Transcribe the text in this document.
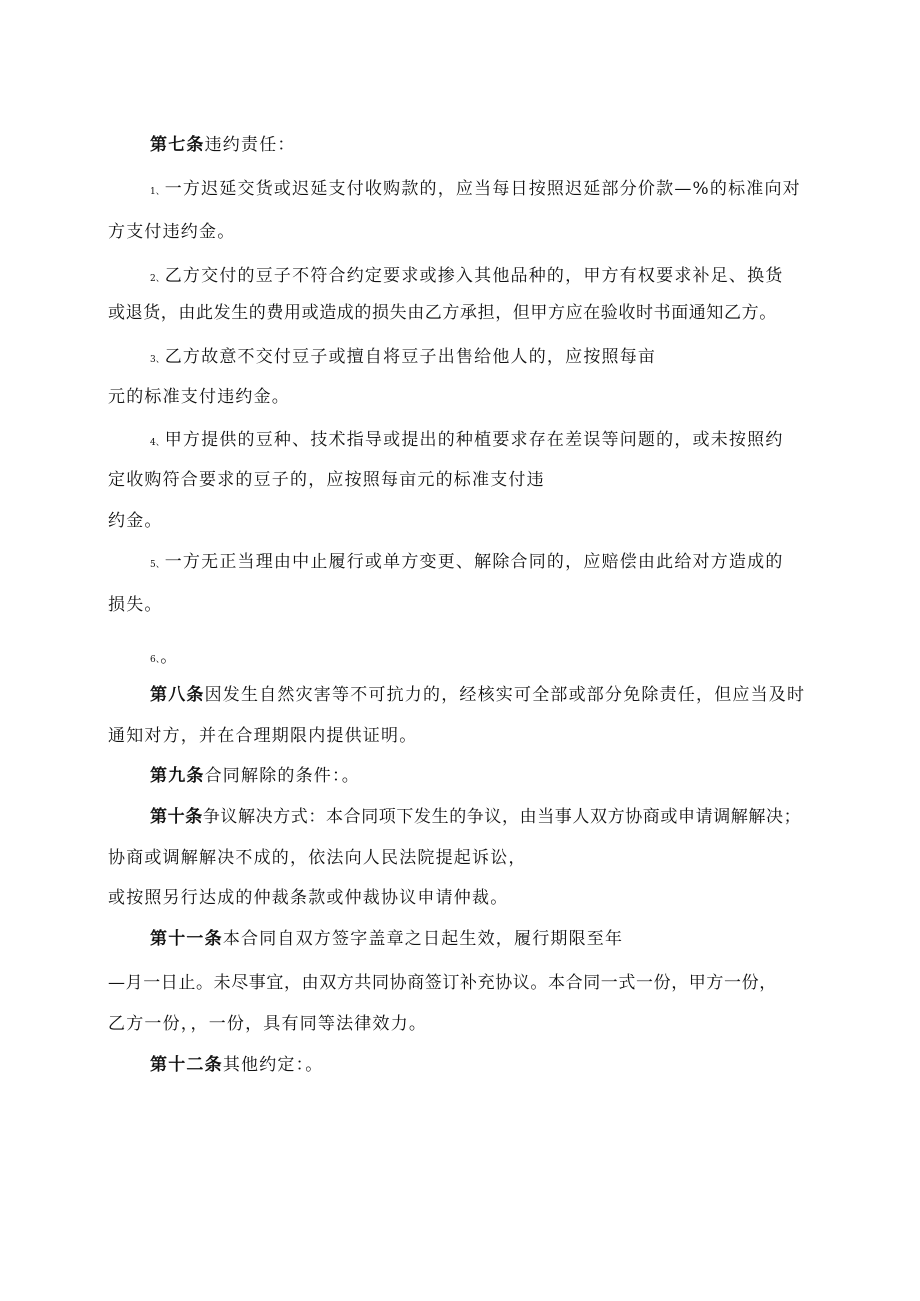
第七条违约责任：
1、一方迟延交货或迟延支付收购款的，应当每日按照迟延部分价款—%的标准向对
方支付违约金。
2、乙方交付的豆子不符合约定要求或掺入其他品种的，甲方有权要求补足、换货
或退货，由此发生的费用或造成的损失由乙方承担，但甲方应在验收时书面通知乙方。
3、乙方故意不交付豆子或擅自将豆子出售给他人的，应按照每亩
元的标准支付违约金。
4、甲方提供的豆种、技术指导或提出的种植要求存在差误等问题的，或未按照约
定收购符合要求的豆子的，应按照每亩元的标准支付违
约金。
5、一方无正当理由中止履行或单方变更、解除合同的，应赔偿由此给对方造成的
损失。
6、。
第八条因发生自然灾害等不可抗力的，经核实可全部或部分免除责任，但应当及时
通知对方，并在合理期限内提供证明。
第九条合同解除的条件：。
第十条争议解决方式：本合同项下发生的争议，由当事人双方协商或申请调解解决；
协商或调解解决不成的，依法向人民法院提起诉讼，
或按照另行达成的仲裁条款或仲裁协议申请仲裁。
第十一条本合同自双方签字盖章之日起生效，履行期限至年
—月一日止。未尽事宜，由双方共同协商签订补充协议。本合同一式一份，甲方一份，
乙方一份，，一份，具有同等法律效力。
第十二条其他约定：。
